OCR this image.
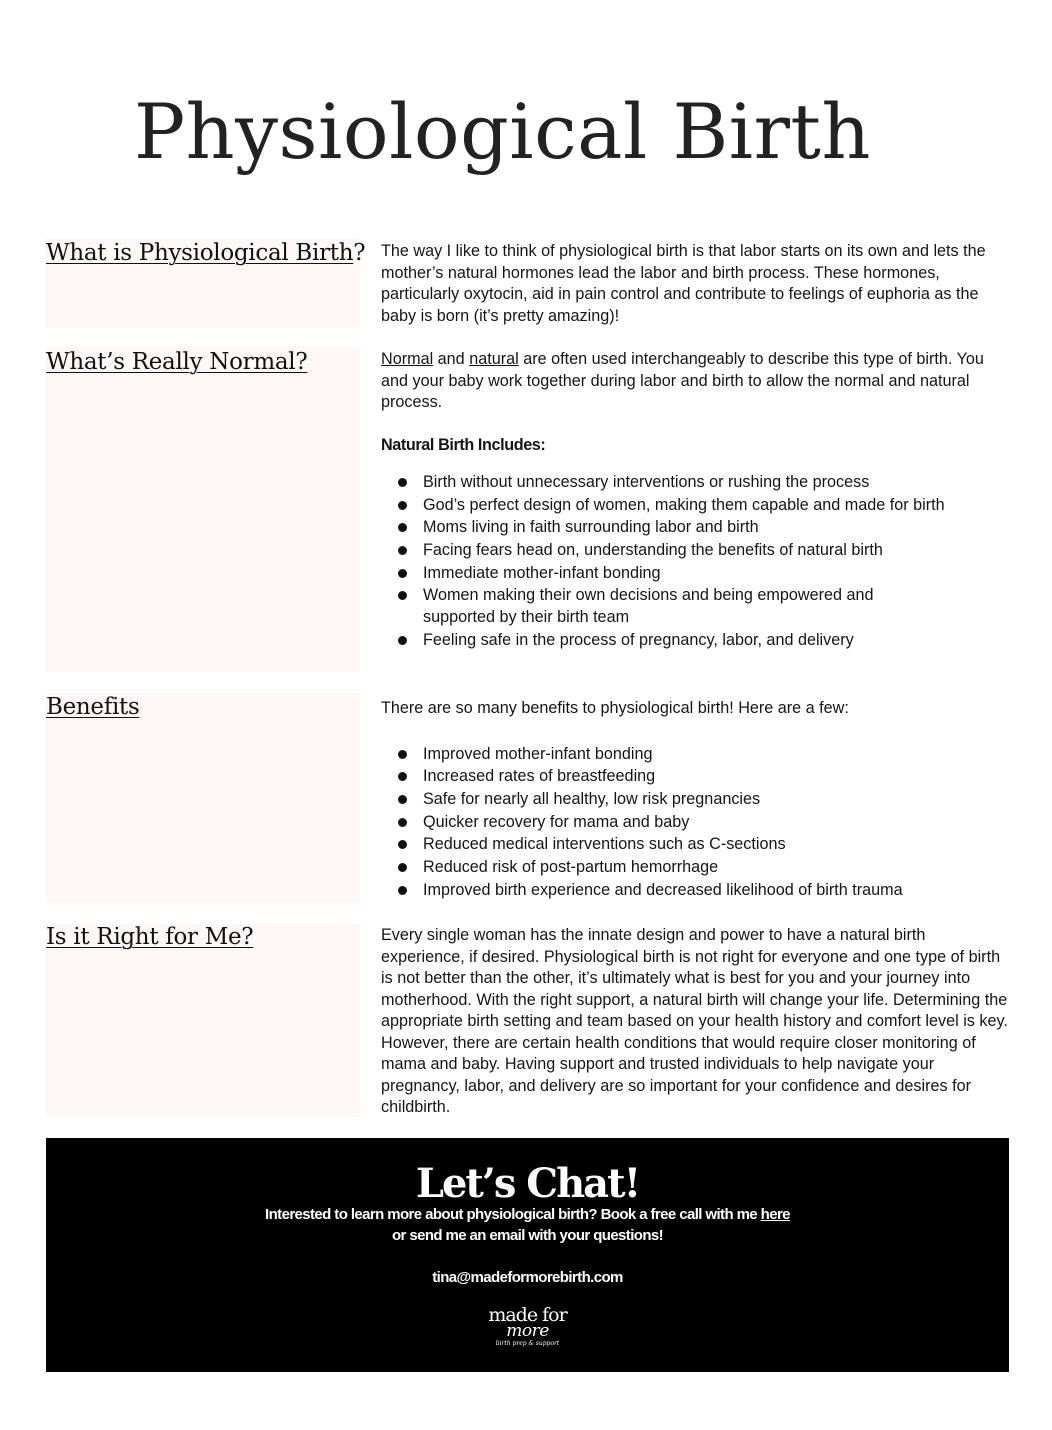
Physiological Birth
What is Physiological Birth? The way I like to think of physiological birth is that labor starts on its own and lets the mother’s natural hormones lead the labor and birth process. These hormones, particularly oxytocin, aid in pain control and contribute to feelings of euphoria as the baby is born (it’s pretty amazing)!

What’s Really Normal?	Normal and natural are often used interchangeably to describe this type of birth. You and your baby work together during labor and birth to allow the normal and natural process.

Natural Birth Includes:

Birth without unnecessary interventions or rushing the process
God’s perfect design of women, making them capable and made for birth
Moms living in faith surrounding labor and birth
Facing fears head on, understanding the benefits of natural birth
Immediate mother-infant bonding
Women making their own decisions and being empowered and supported by their birth team
Feeling safe in the process of pregnancy, labor, and delivery
Benefits	There are so many benefits to physiological birth! Here are a few:

Improved mother-infant bonding
Increased rates of breastfeeding
Safe for nearly all healthy, low risk pregnancies
Quicker recovery for mama and baby
Reduced medical interventions such as C-sections
Reduced risk of post-partum hemorrhage
Improved birth experience and decreased likelihood of birth trauma
Is it Right for Me?	Every single woman has the innate design and power to have a natural birth experience, if desired. Physiological birth is not right for everyone and one type of birth is not better than the other, it’s ultimately what is best for you and your journey into motherhood. With the right support, a natural birth will change your life. Determining the appropriate birth setting and team based on your health history and comfort level is key. However, there are certain health conditions that would require closer monitoring of mama and baby. Having support and trusted individuals to help navigate your pregnancy, labor, and delivery are so important for your confidence and desires for childbirth.

Let’s Chat!
Interested to learn more about physiological birth? Book a free call with me here
or send me an email with your questions!
tina@madeformorebirth.com
made for
more
birth prep & support
